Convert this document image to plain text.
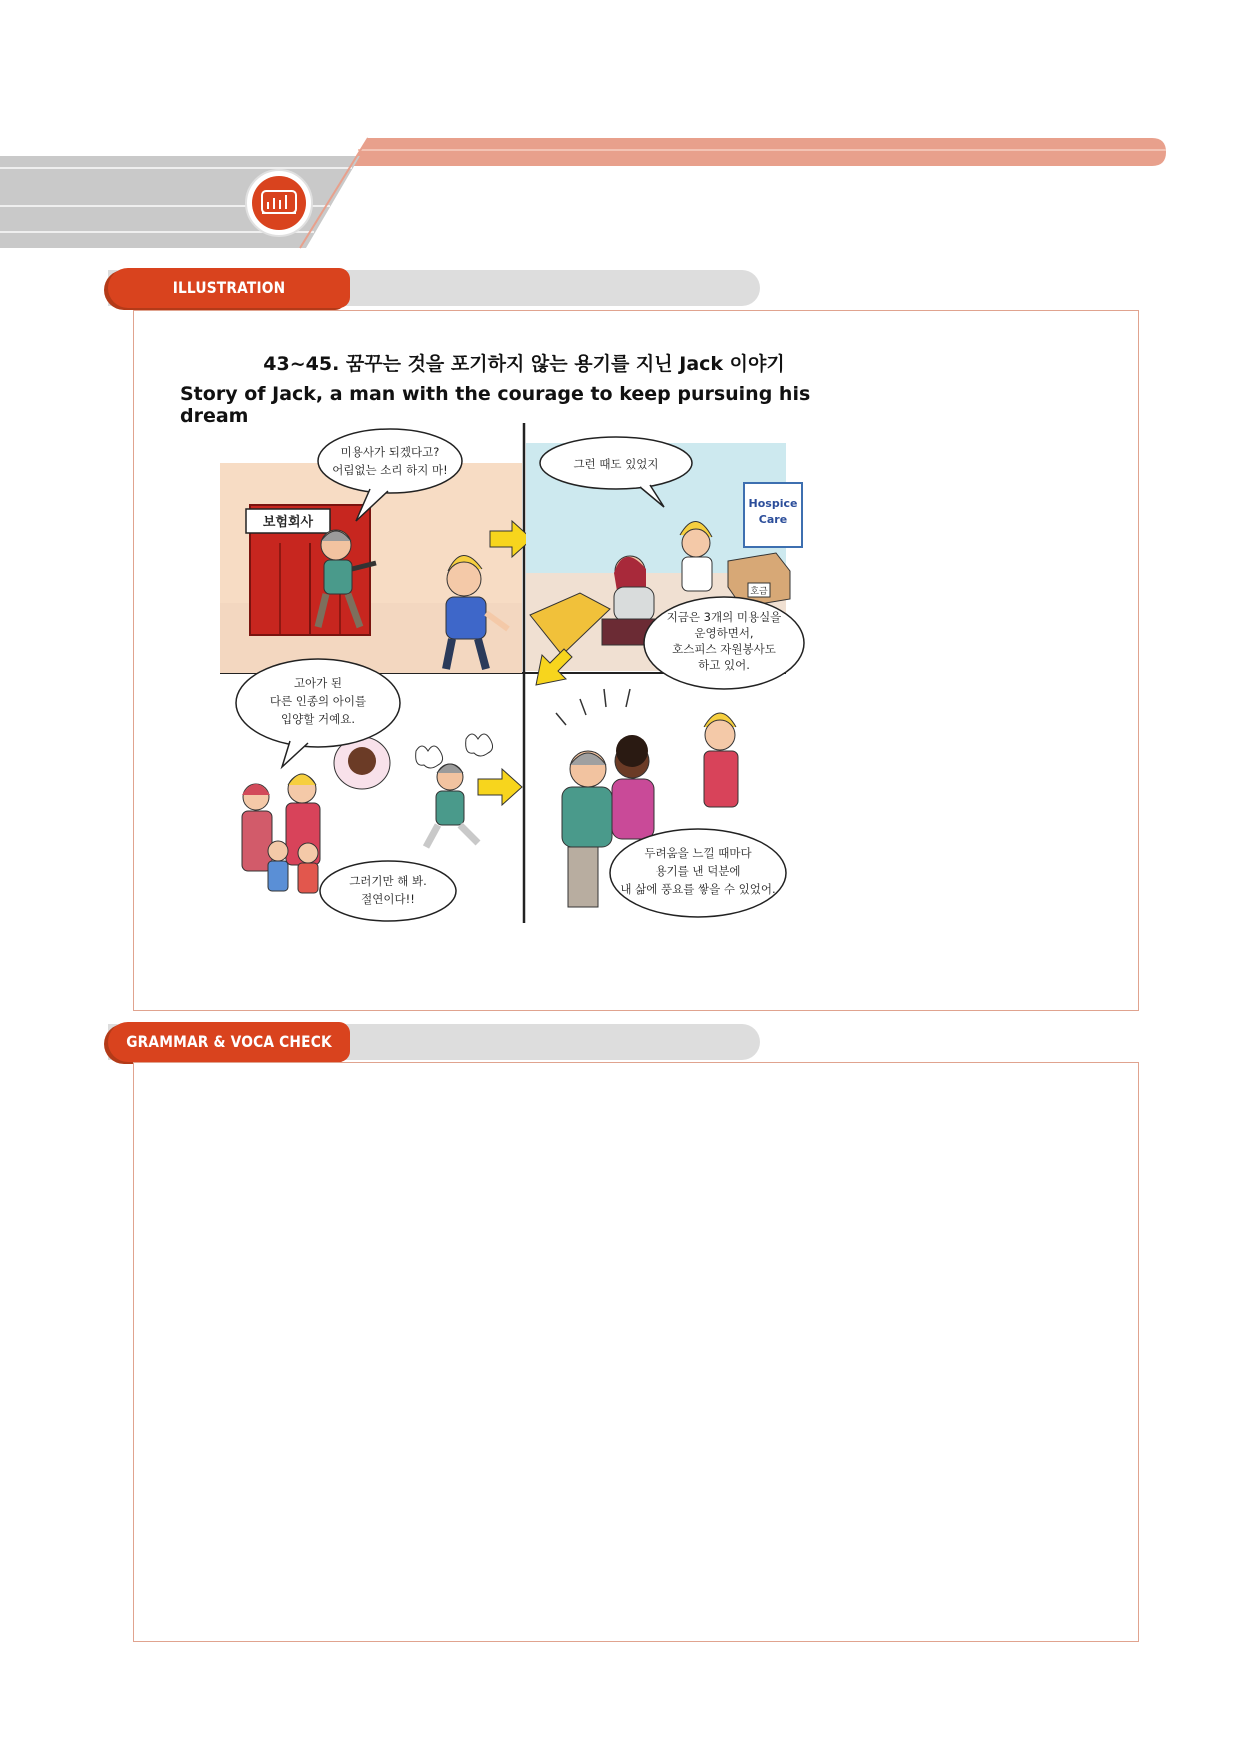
ILLUSTRATION
43~45. 꿈꾸는 것을 포기하지 않는 용기를 지닌 Jack 이야기
Story of Jack, a man with the courage to keep pursuing his dream
보험회사
미용사가 되겠다고?
어림없는 소리 하지 마!
Hospice
Care
호금
그런 때도 있었지
지금은 3개의 미용실을
운영하면서,
호스피스 자원봉사도
하고 있어.
고아가 된
다른 인종의 아이를
입양할 거예요.
그러기만 해 봐.
절연이다!!
두려움을 느낄 때마다
용기를 낸 덕분에
내 삶에 풍요를 쌓을 수 있었어.
GRAMMAR & VOCA CHECK
